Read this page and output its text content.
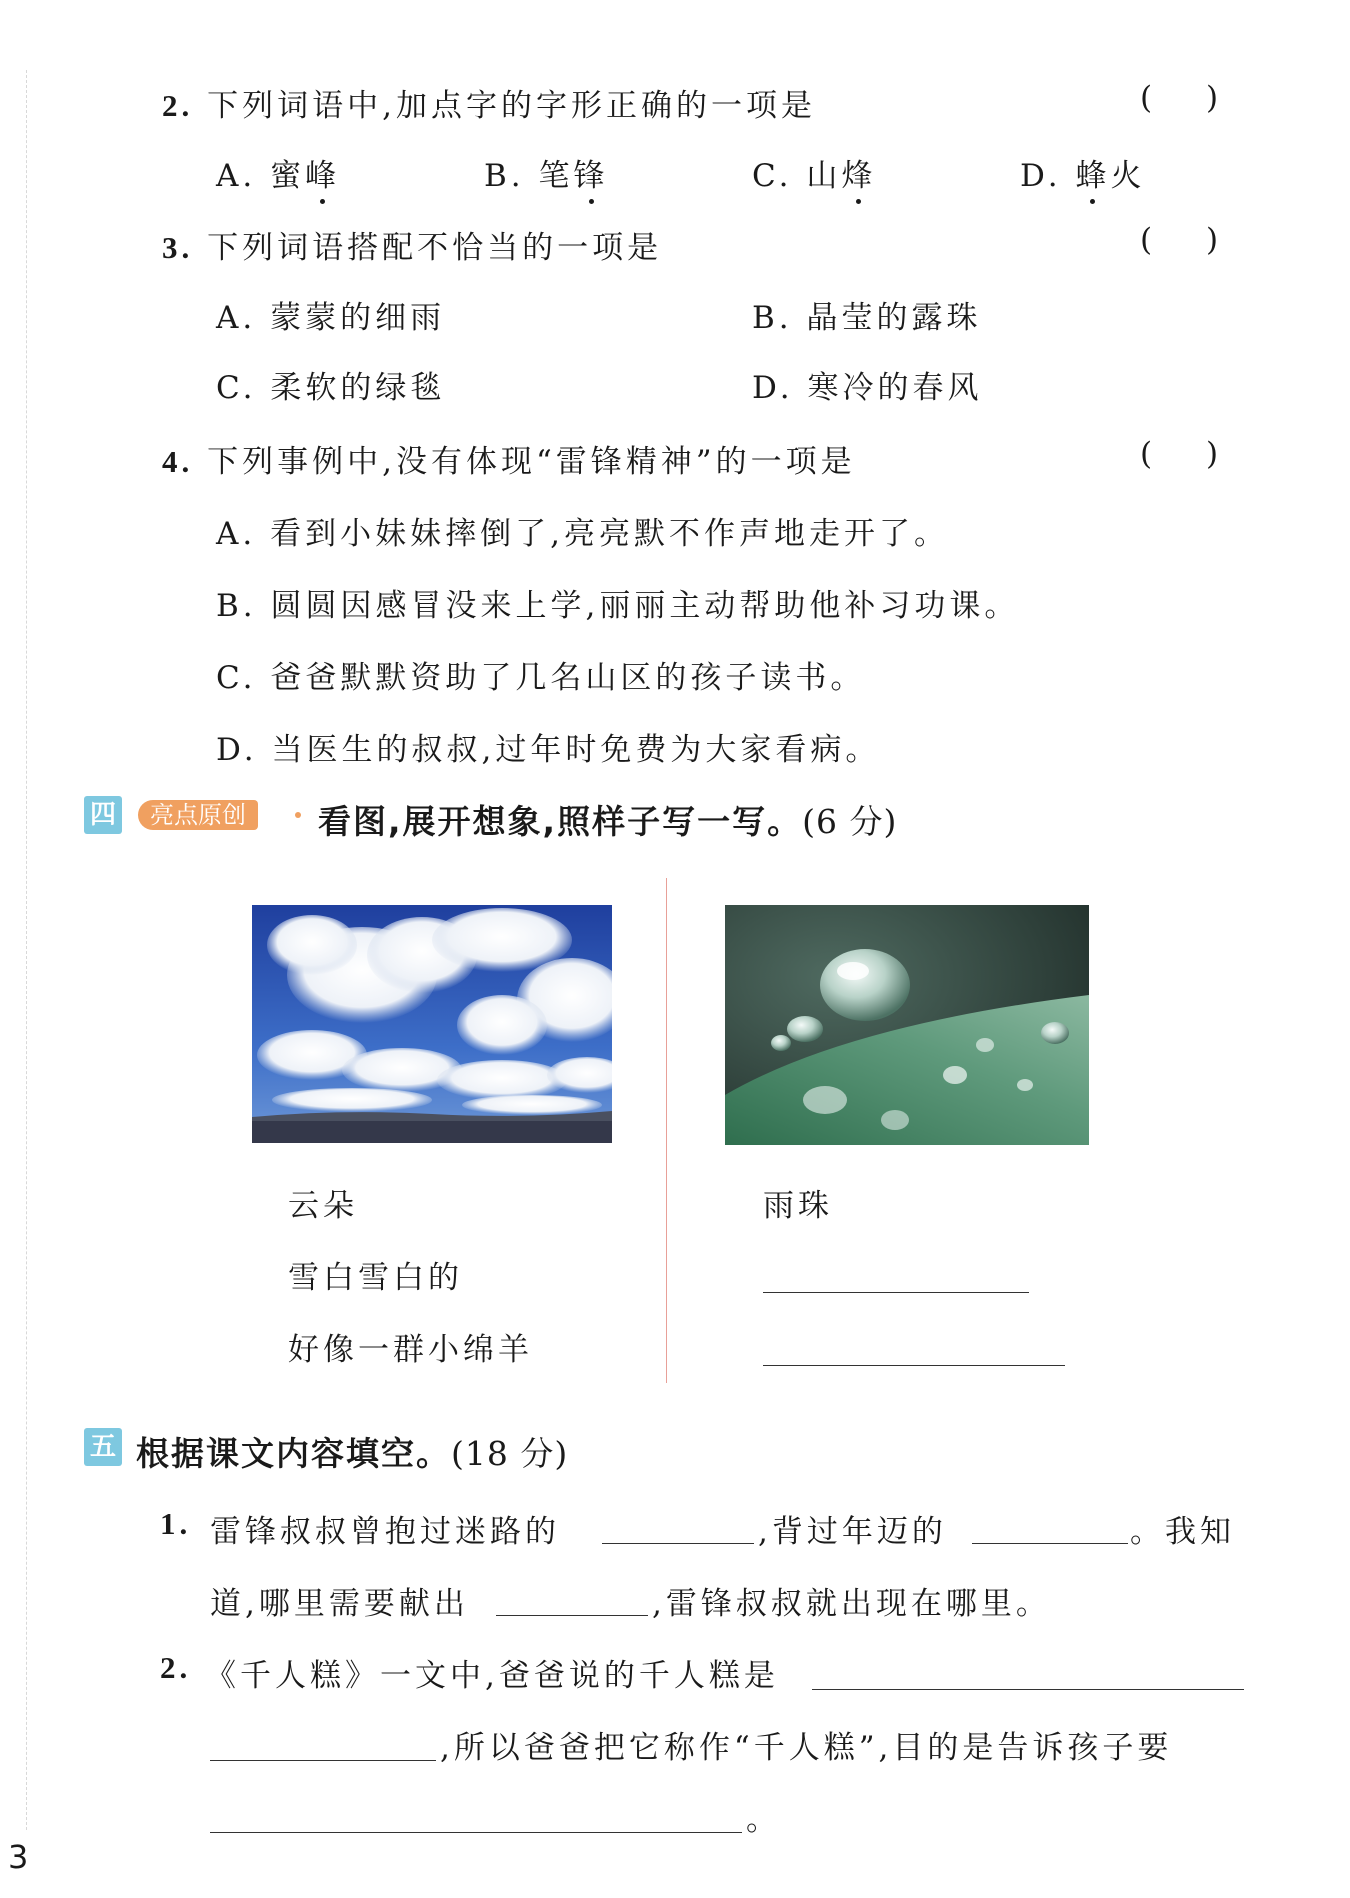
2. 下列词语中,加点字的字形正确的一项是	( )
A. 蜜峰	B. 笔锋	C. 山烽	D. 蜂火
3. 下列词语搭配不恰当的一项是	( )
A. 蒙蒙的细雨	B. 晶莹的露珠
C. 柔软的绿毯	D. 寒冷的春风
4. 下列事例中,没有体现“雷锋精神”的一项是	( )
A. 看到小妹妹摔倒了,亮亮默不作声地走开了。
B. 圆圆因感冒没来上学,丽丽主动帮助他补习功课。
C. 爸爸默默资助了几名山区的孩子读书。
D. 当医生的叔叔,过年时免费为大家看病。
四	亮点原创	看图,展开想象,照样子写一写。(6 分)
云朵
雪白雪白的
好像一群小绵羊
雨珠
五 根据课文内容填空。(18 分)
1. 雷锋叔叔曾抱过迷路的	,背过年迈的	。我知
道,哪里需要献出	,雷锋叔叔就出现在哪里。
2. 《千人糕》一文中,爸爸说的千人糕是
,所以爸爸把它称作“千人糕”,目的是告诉孩子要
。
3
